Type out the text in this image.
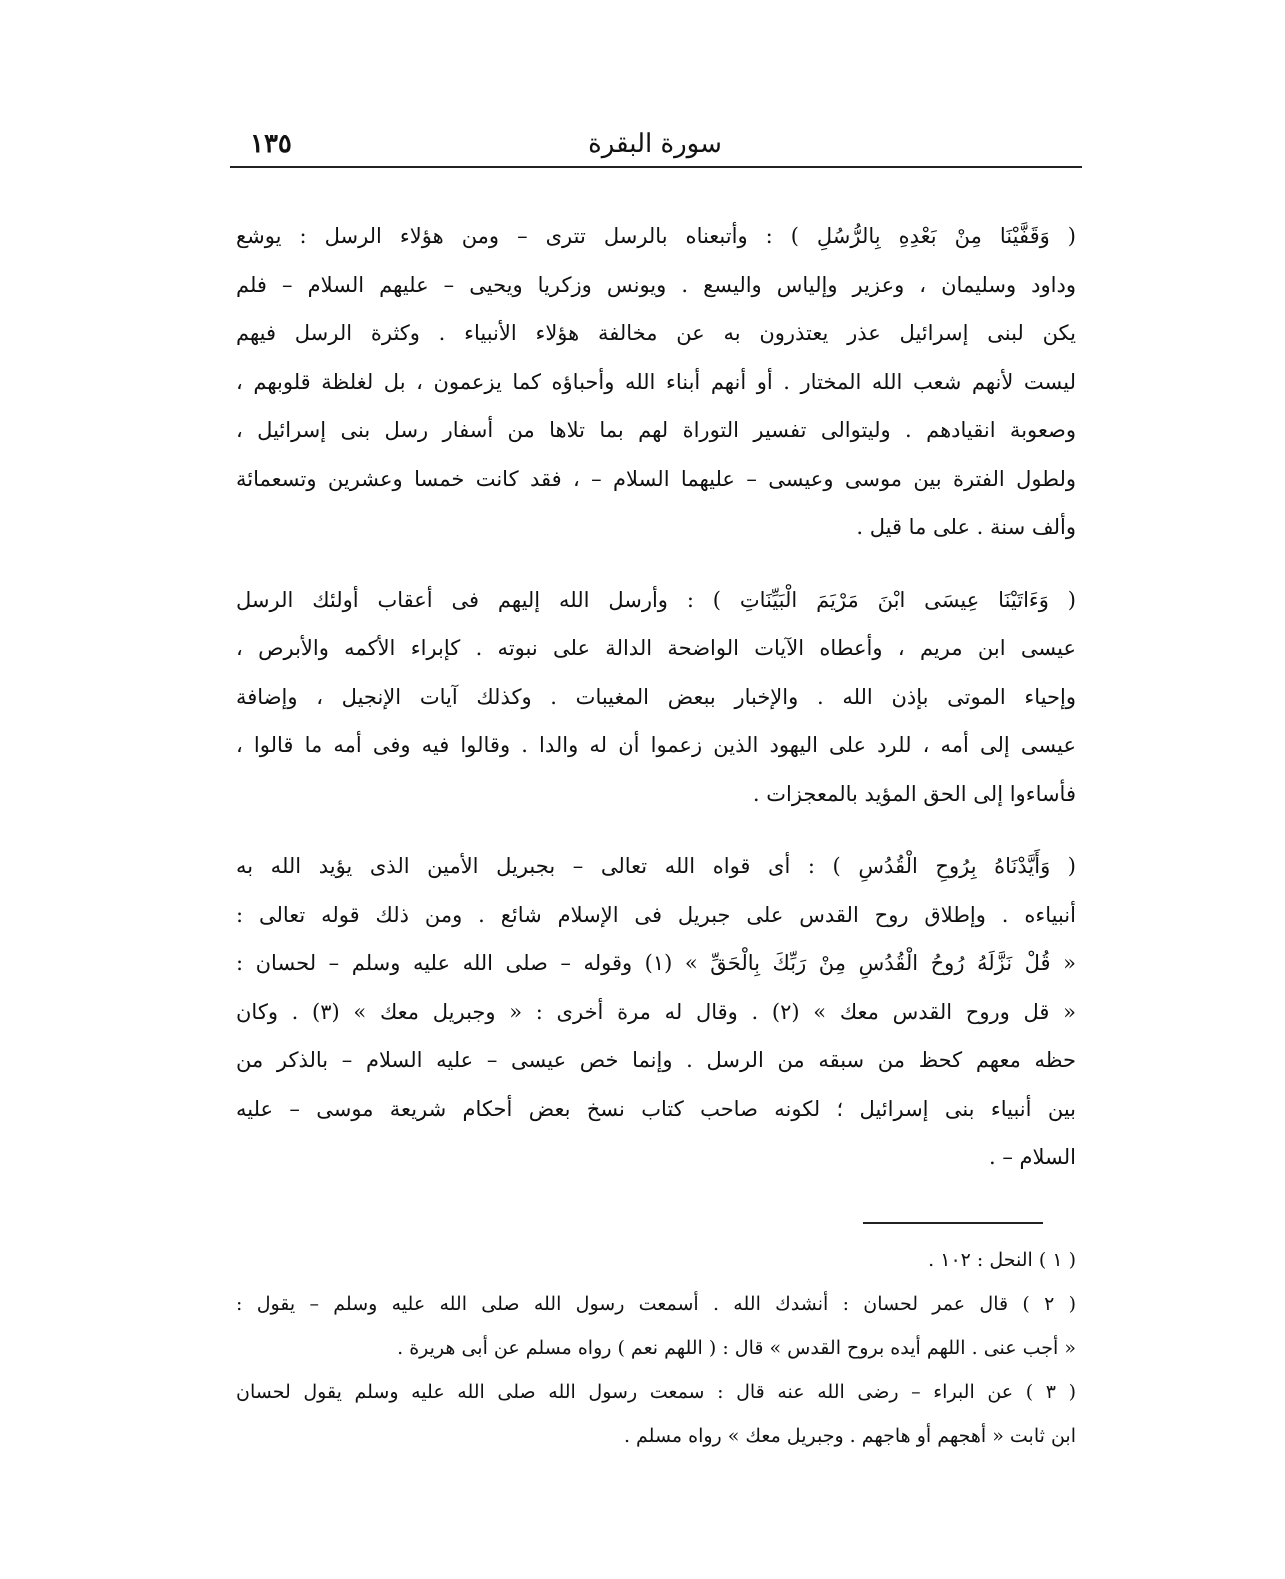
سورة البقرة
١٣٥

( وَقَفَّيْنَا مِنْ بَعْدِهِ بِالرُّسُلِ ) : وأتبعناه بالرسل تترى – ومن هؤلاء الرسل : يوشع
وداود وسليمان ، وعزير وإلياس واليسع . ويونس وزكريا ويحيى – عليهم السلام – فلم
يكن لبنى إسرائيل عذر يعتذرون به عن مخالفة هؤلاء الأنبياء . وكثرة الرسل فيهم
ليست لأنهم شعب الله المختار . أو أنهم أبناء الله وأحباؤه كما يزعمون ، بل لغلظة قلوبهم ،
وصعوبة انقيادهم . وليتوالى تفسير التوراة لهم بما تلاها من أسفار رسل بنى إسرائيل ،
ولطول الفترة بين موسى وعيسى – عليهما السلام – ، فقد كانت خمسا وعشرين وتسعمائة
وألف سنة . على ما قيل .

( وَءَاتَيْنَا عِيسَى ابْنَ مَرْيَمَ الْبَيِّنَاتِ ) : وأرسل الله إليهم فى أعقاب أولئك الرسل
عيسى ابن مريم ، وأعطاه الآيات الواضحة الدالة على نبوته . كإبراء الأكمه والأبرص ،
وإحياء الموتى بإذن الله . والإخبار ببعض المغيبات . وكذلك آيات الإنجيل ، وإضافة
عيسى إلى أمه ، للرد على اليهود الذين زعموا أن له والدا . وقالوا فيه وفى أمه ما قالوا ،
فأساءوا إلى الحق المؤيد بالمعجزات .

( وَأَيَّدْنَاهُ بِرُوحِ الْقُدُسِ ) : أى قواه الله تعالى – بجبريل الأمين الذى يؤيد الله به
أنبياءه . وإطلاق روح القدس على جبريل فى الإسلام شائع . ومن ذلك قوله تعالى :
« قُلْ نَزَّلَهُ رُوحُ الْقُدُسِ مِنْ رَبِّكَ بِالْحَقِّ » (١) وقوله – صلى الله عليه وسلم – لحسان :
« قل وروح القدس معك » (٢) . وقال له مرة أخرى : « وجبريل معك » (٣) . وكان
حظه معهم كحظ من سبقه من الرسل . وإنما خص عيسى – عليه السلام – بالذكر من
بين أنبياء بنى إسرائيل ؛ لكونه صاحب كتاب نسخ بعض أحكام شريعة موسى – عليه
السلام – .

( ١ ) النحل : ١٠٢ .

( ٢ ) قال عمر لحسان : أنشدك الله . أسمعت رسول الله صلى الله عليه وسلم – يقول :
« أجب عنى . اللهم أيده بروح القدس » قال : ( اللهم نعم ) رواه مسلم عن أبى هريرة .

( ٣ ) عن البراء – رضى الله عنه قال : سمعت رسول الله صلى الله عليه وسلم يقول لحسان
ابن ثابت « أهجهم أو هاجهم . وجبريل معك » رواه مسلم .
